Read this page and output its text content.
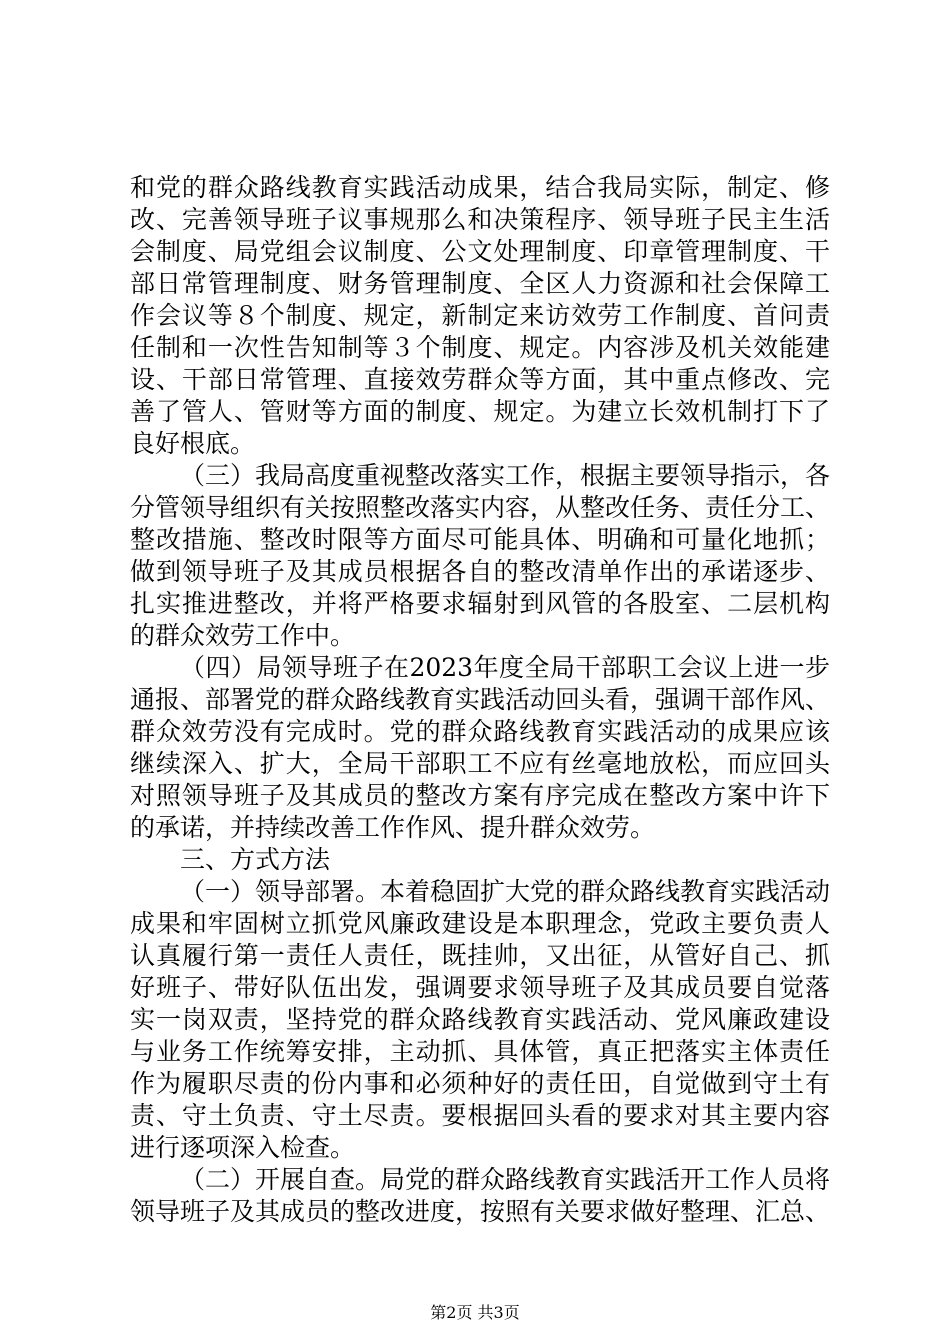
和党的群众路线教育实践活动成果，结合我局实际，制定、修
改、完善领导班子议事规那么和决策程序、领导班子民主生活
会制度、局党组会议制度、公文处理制度、印章管理制度、干
部日常管理制度、财务管理制度、全区人力资源和社会保障工
作会议等８个制度、规定，新制定来访效劳工作制度、首问责
任制和一次性告知制等３个制度、规定。内容涉及机关效能建
设、干部日常管理、直接效劳群众等方面，其中重点修改、完
善了管人、管财等方面的制度、规定。为建立长效机制打下了
良好根底。
（三）我局高度重视整改落实工作，根据主要领导指示，各
分管领导组织有关按照整改落实内容，从整改任务、责任分工、
整改措施、整改时限等方面尽可能具体、明确和可量化地抓；
做到领导班子及其成员根据各自的整改清单作出的承诺逐步、
扎实推进整改，并将严格要求辐射到风管的各股室、二层机构
的群众效劳工作中。
（四）局领导班子在2023年度全局干部职工会议上进一步
通报、部署党的群众路线教育实践活动回头看，强调干部作风、
群众效劳没有完成时。党的群众路线教育实践活动的成果应该
继续深入、扩大，全局干部职工不应有丝毫地放松，而应回头
对照领导班子及其成员的整改方案有序完成在整改方案中许下
的承诺，并持续改善工作作风、提升群众效劳。
三、方式方法
（一）领导部署。本着稳固扩大党的群众路线教育实践活动
成果和牢固树立抓党风廉政建设是本职理念，党政主要负责人
认真履行第一责任人责任，既挂帅，又出征，从管好自己、抓
好班子、带好队伍出发，强调要求领导班子及其成员要自觉落
实一岗双责，坚持党的群众路线教育实践活动、党风廉政建设
与业务工作统筹安排，主动抓、具体管，真正把落实主体责任
作为履职尽责的份内事和必须种好的责任田，自觉做到守土有
责、守土负责、守土尽责。要根据回头看的要求对其主要内容
进行逐项深入检查。
（二）开展自查。局党的群众路线教育实践活开工作人员将
领导班子及其成员的整改进度，按照有关要求做好整理、汇总、
第2页 共3页
